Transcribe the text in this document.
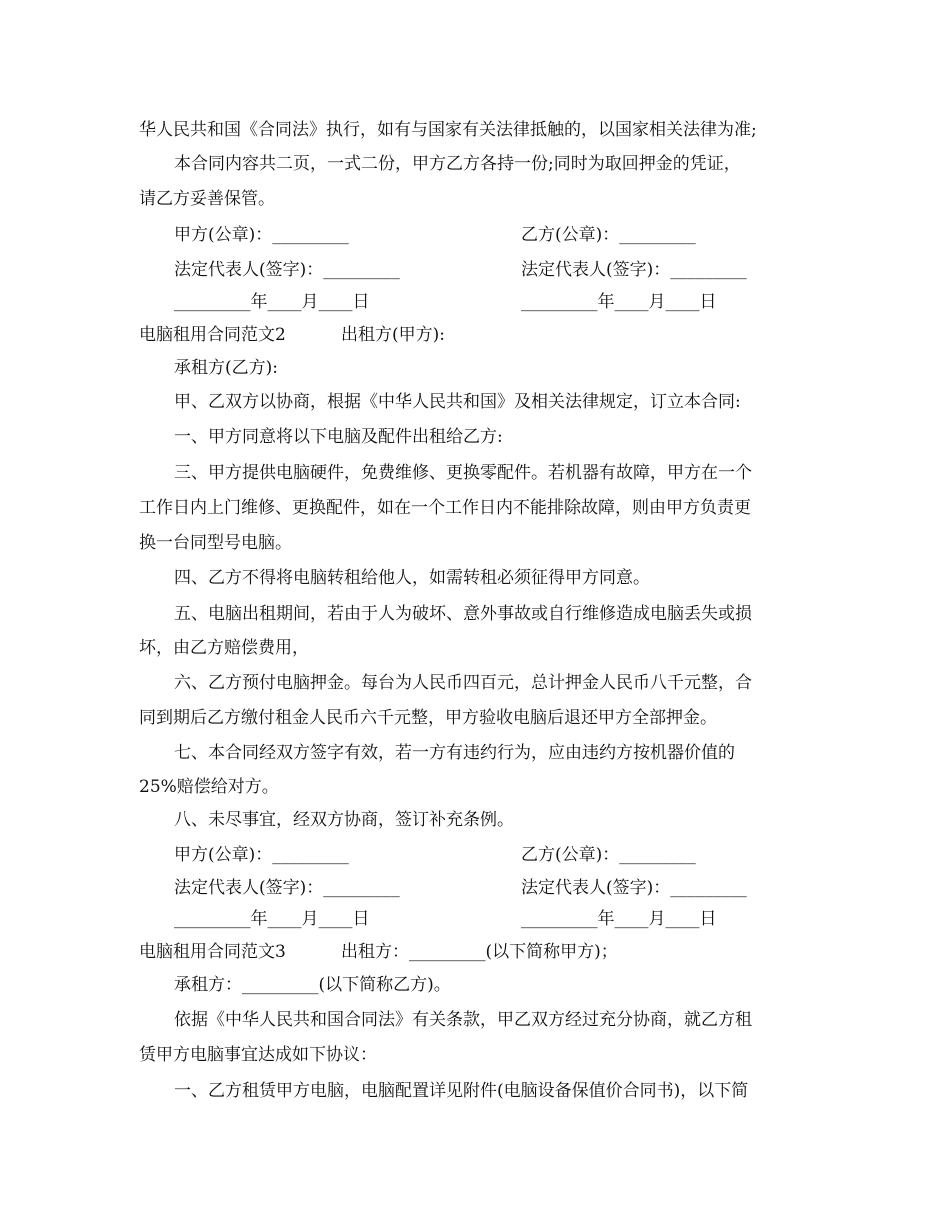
华人民共和国《合同法》执行，如有与国家有关法律抵触的，以国家相关法律为准;
本合同内容共二页，一式二份，甲方乙方各持一份;同时为取回押金的凭证，
请乙方妥善保管。
甲方(公章)：_________	乙方(公章)：_________
法定代表人(签字)：_________	法定代表人(签字)：_________
_________年____月____日	_________年____月____日
电脑租用合同范文2	出租方(甲方):
承租方(乙方):
甲、乙双方以协商，根据《中华人民共和国》及相关法律规定，订立本合同:
一、甲方同意将以下电脑及配件出租给乙方:
三、甲方提供电脑硬件，免费维修、更换零配件。若机器有故障，甲方在一个
工作日内上门维修、更换配件，如在一个工作日内不能排除故障，则由甲方负责更
换一台同型号电脑。
四、乙方不得将电脑转租给他人，如需转租必须征得甲方同意。
五、电脑出租期间，若由于人为破坏、意外事故或自行维修造成电脑丢失或损
坏，由乙方赔偿费用，
六、乙方预付电脑押金。每台为人民币四百元，总计押金人民币八千元整，合
同到期后乙方缴付租金人民币六千元整，甲方验收电脑后退还甲方全部押金。
七、本合同经双方签字有效，若一方有违约行为，应由违约方按机器价值的
25%赔偿给对方。
八、未尽事宜，经双方协商，签订补充条例。
甲方(公章)：_________	乙方(公章)：_________
法定代表人(签字)：_________	法定代表人(签字)：_________
_________年____月____日	_________年____月____日
电脑租用合同范文3	出租方：_________(以下简称甲方)；
承租方：_________(以下简称乙方)。
依据《中华人民共和国合同法》有关条款，甲乙双方经过充分协商，就乙方租
赁甲方电脑事宜达成如下协议：
一、乙方租赁甲方电脑，电脑配置详见附件(电脑设备保值价合同书)，以下简
